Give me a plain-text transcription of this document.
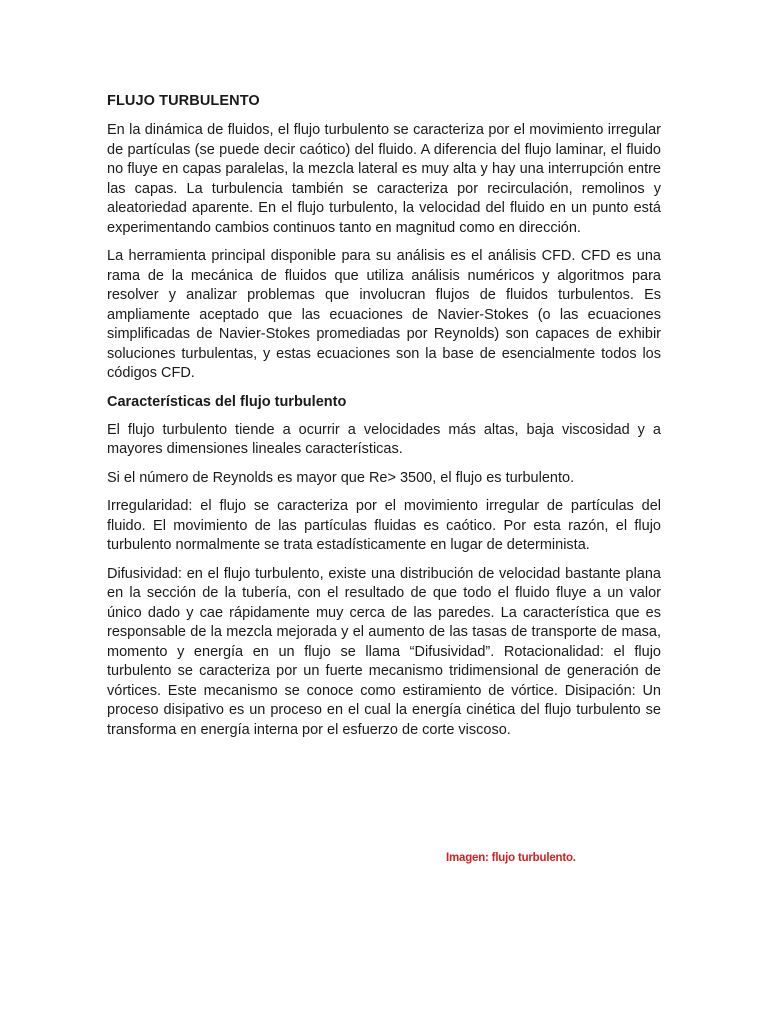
FLUJO TURBULENTO

En la dinámica de fluidos, el flujo turbulento se caracteriza por el movimiento irregular de partículas (se puede decir caótico) del fluido. A diferencia del flujo laminar, el fluido no fluye en capas paralelas, la mezcla lateral es muy alta y hay una interrupción entre las capas. La turbulencia también se caracteriza por recirculación, remolinos y aleatoriedad aparente. En el flujo turbulento, la velocidad del fluido en un punto está experimentando cambios continuos tanto en magnitud como en dirección.

La herramienta principal disponible para su análisis es el análisis CFD. CFD es una rama de la mecánica de fluidos que utiliza análisis numéricos y algoritmos para resolver y analizar problemas que involucran flujos de fluidos turbulentos. Es ampliamente aceptado que las ecuaciones de Navier-Stokes (o las ecuaciones simplificadas de Navier-Stokes promediadas por Reynolds) son capaces de exhibir soluciones turbulentas, y estas ecuaciones son la base de esencialmente todos los códigos CFD.

Características del flujo turbulento

El flujo turbulento tiende a ocurrir a velocidades más altas, baja viscosidad y a mayores dimensiones lineales características.

Si el número de Reynolds es mayor que Re> 3500, el flujo es turbulento.

Irregularidad: el flujo se caracteriza por el movimiento irregular de partículas del fluido. El movimiento de las partículas fluidas es caótico. Por esta razón, el flujo turbulento normalmente se trata estadísticamente en lugar de determinista.

Difusividad: en el flujo turbulento, existe una distribución de velocidad bastante plana en la sección de la tubería, con el resultado de que todo el fluido fluye a un valor único dado y cae rápidamente muy cerca de las paredes. La característica que es responsable de la mezcla mejorada y el aumento de las tasas de transporte de masa, momento y energía en un flujo se llama “Difusividad”. Rotacionalidad: el flujo turbulento se caracteriza por un fuerte mecanismo tridimensional de generación de vórtices. Este mecanismo se conoce como estiramiento de vórtice. Disipación: Un proceso disipativo es un proceso en el cual la energía cinética del flujo turbulento se transforma en energía interna por el esfuerzo de corte viscoso.

Imagen: flujo turbulento.
